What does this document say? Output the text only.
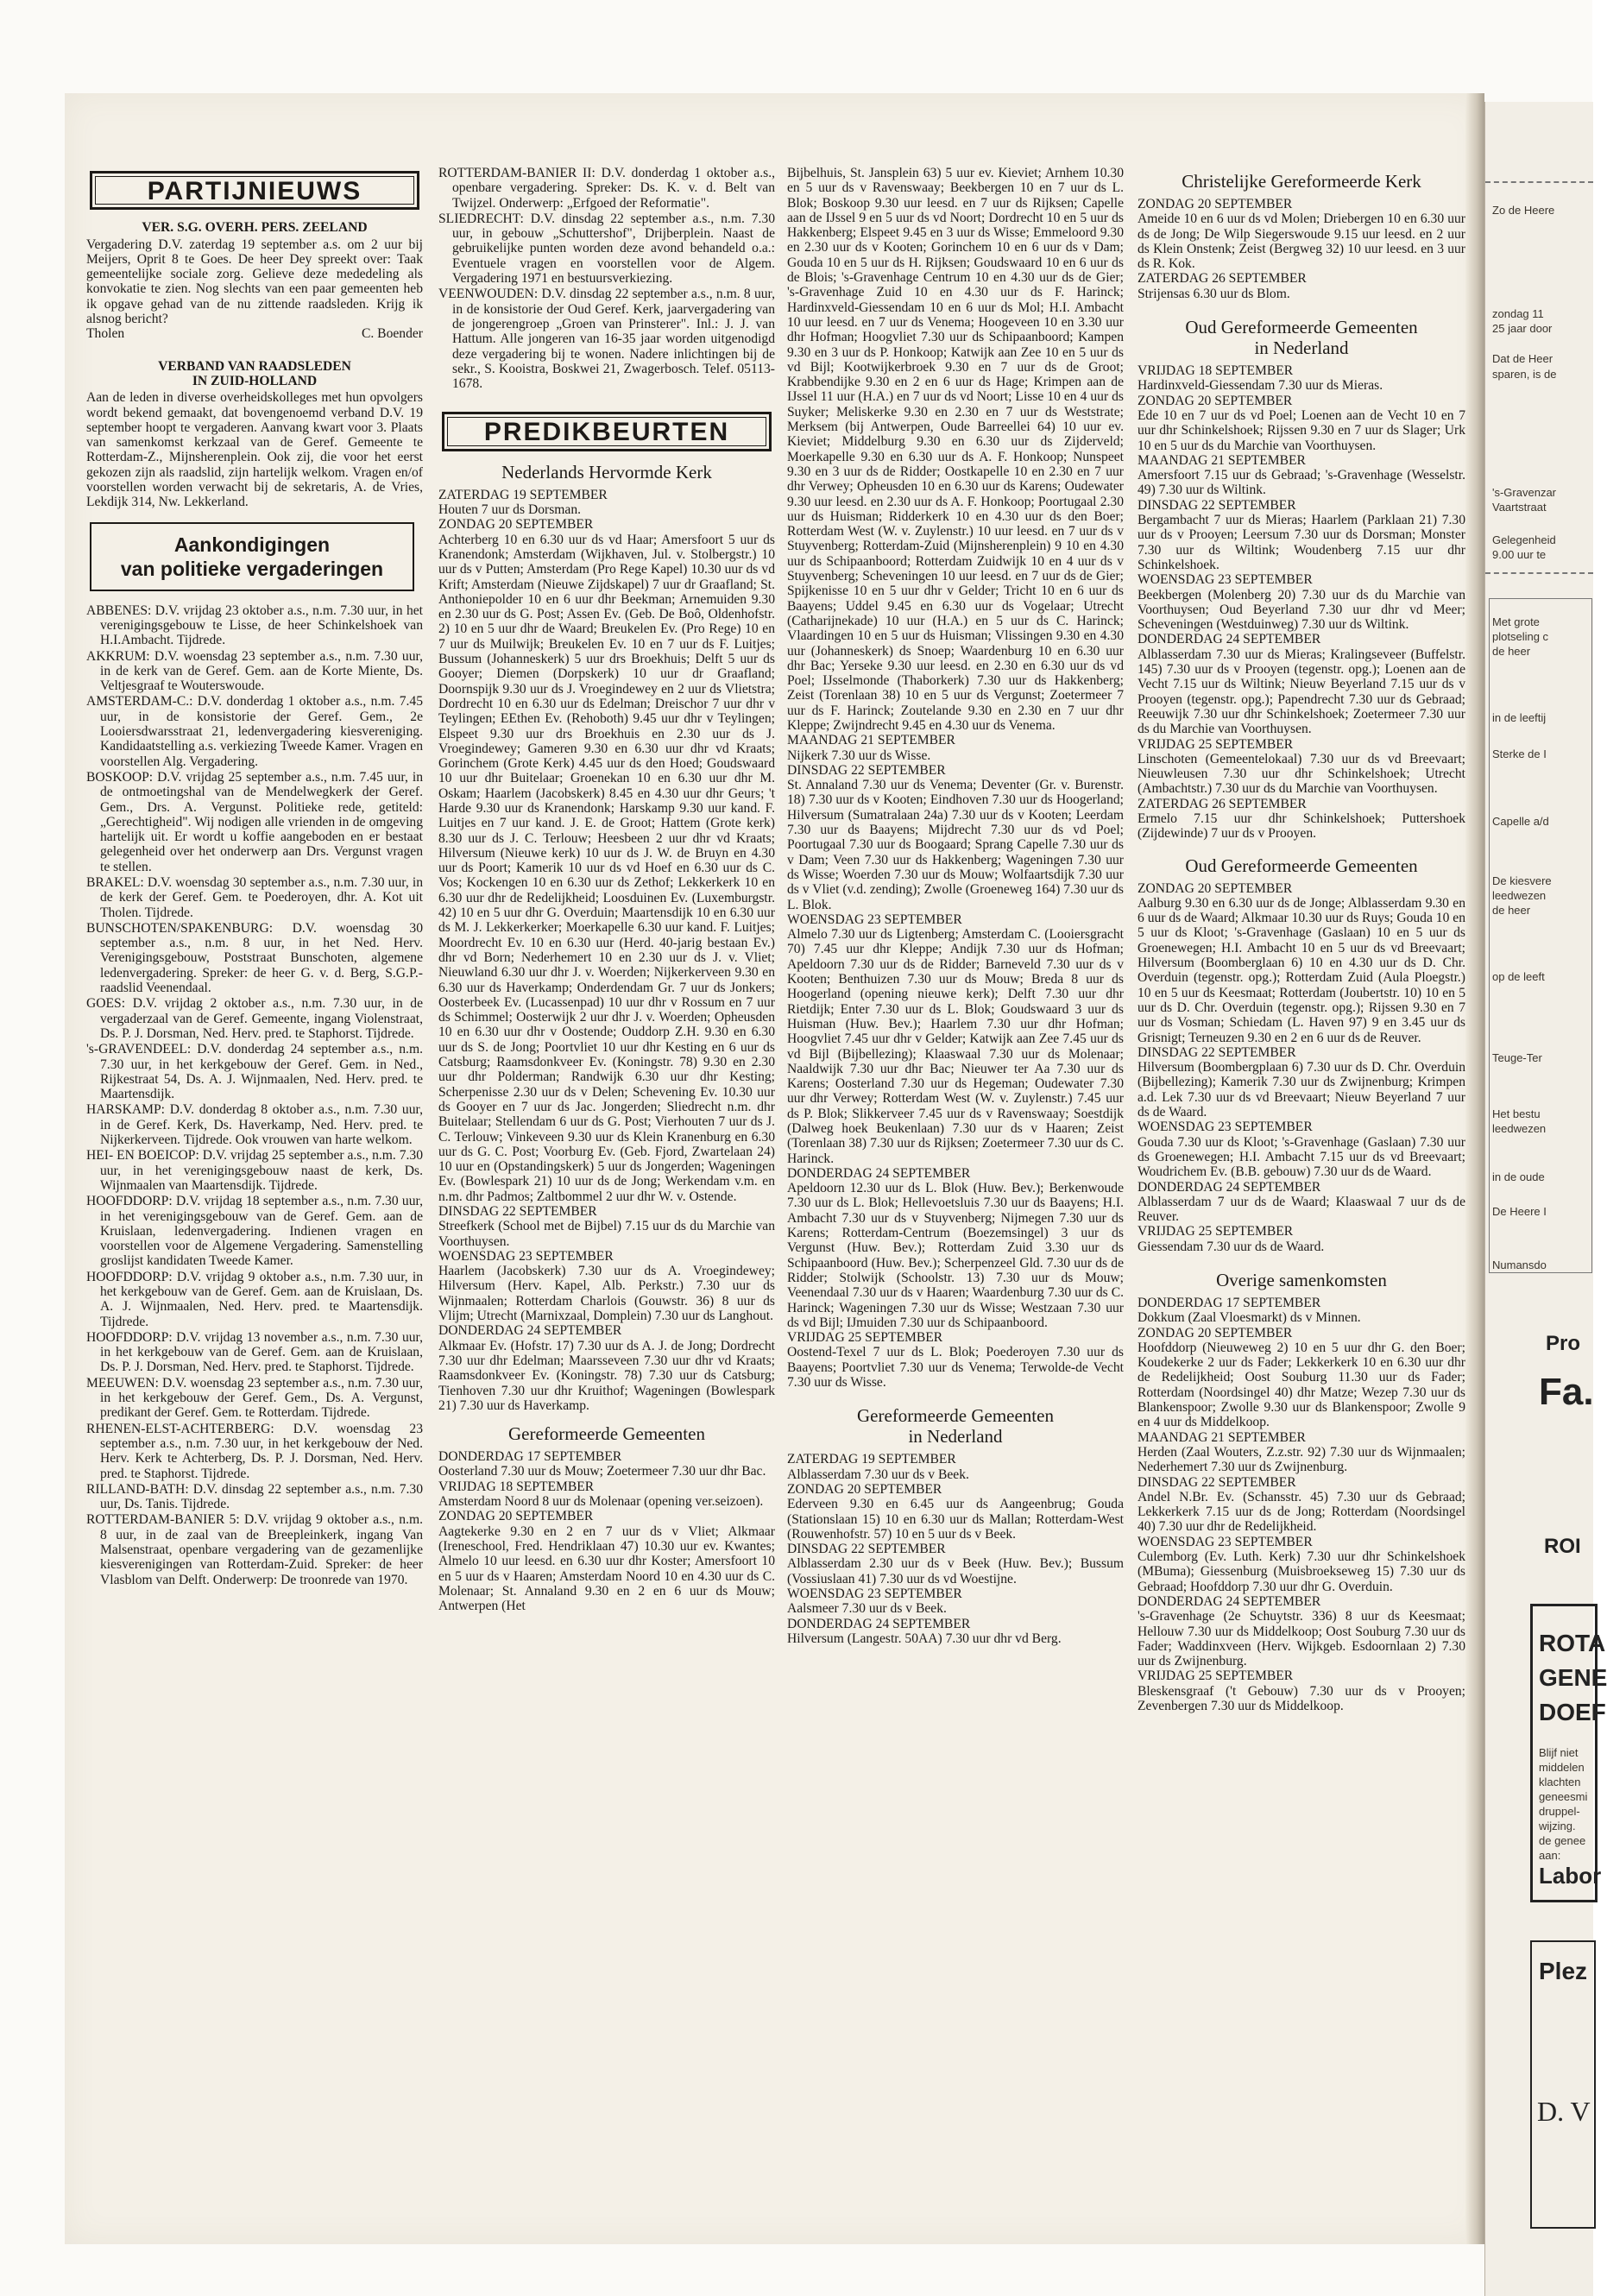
PARTIJNIEUWS
VER. S.G. OVERH. PERS. ZEELAND

Vergadering D.V. zaterdag 19 september a.s. om 2 uur bij Meijers, Oprit 8 te Goes. De heer Dey spreekt over: Taak gemeentelijke sociale zorg. Gelieve deze mededeling als konvokatie te zien. Nog slechts van een paar gemeenten heb ik opgave gehad van de nu zittende raadsleden. Krijg ik alsnog bericht?

Tholen	C. Boender
VERBAND VAN RAADSLEDEN
IN ZUID-HOLLAND

Aan de leden in diverse overheidskolleges met hun opvolgers wordt bekend gemaakt, dat bovengenoemd verband D.V. 19 september hoopt te vergaderen. Aanvang kwart voor 3. Plaats van samenkomst kerkzaal van de Geref. Gemeente te Rotterdam-Z., Mijnsherenplein. Ook zij, die voor het eerst gekozen zijn als raadslid, zijn hartelijk welkom. Vragen en/of voorstellen worden verwacht bij de sekretaris, A. de Vries, Lekdijk 314, Nw. Lekkerland.

Aankondigingen
van politieke vergaderingen

ABBENES: D.V. vrijdag 23 oktober a.s., n.m. 7.30 uur, in het verenigingsgebouw te Lisse, de heer Schinkelshoek van H.I.Ambacht. Tijdrede.

AKKRUM: D.V. woensdag 23 september a.s., n.m. 7.30 uur, in de kerk van de Geref. Gem. aan de Korte Miente, Ds. Veltjesgraaf te Wouterswoude.

AMSTERDAM-C.: D.V. donderdag 1 oktober a.s., n.m. 7.45 uur, in de konsistorie der Geref. Gem., 2e Looiersdwarsstraat 21, ledenvergadering kiesvereniging. Kandidaatstelling a.s. verkiezing Tweede Kamer. Vragen en voorstellen Alg. Vergadering.

BOSKOOP: D.V. vrijdag 25 september a.s., n.m. 7.45 uur, in de ontmoetingshal van de Mendelwegkerk der Geref. Gem., Drs. A. Vergunst. Politieke rede, getiteld: „Gerechtigheid". Wij nodigen alle vrienden in de omgeving hartelijk uit. Er wordt u koffie aangeboden en er bestaat gelegenheid over het onderwerp aan Drs. Vergunst vragen te stellen.

BRAKEL: D.V. woensdag 30 september a.s., n.m. 7.30 uur, in de kerk der Geref. Gem. te Poederoyen, dhr. A. Kot uit Tholen. Tijdrede.

BUNSCHOTEN/SPAKENBURG: D.V. woensdag 30 september a.s., n.m. 8 uur, in het Ned. Herv. Verenigingsgebouw, Poststraat Bunschoten, algemene ledenvergadering. Spreker: de heer G. v. d. Berg, S.G.P.-raadslid Veenendaal.

GOES: D.V. vrijdag 2 oktober a.s., n.m. 7.30 uur, in de vergaderzaal van de Geref. Gemeente, ingang Violenstraat, Ds. P. J. Dorsman, Ned. Herv. pred. te Staphorst. Tijdrede.

's-GRAVENDEEL: D.V. donderdag 24 september a.s., n.m. 7.30 uur, in het kerkgebouw der Geref. Gem. in Ned., Rijkestraat 54, Ds. A. J. Wijnmaalen, Ned. Herv. pred. te Maartensdijk.

HARSKAMP: D.V. donderdag 8 oktober a.s., n.m. 7.30 uur, in de Geref. Kerk, Ds. Haverkamp, Ned. Herv. pred. te Nijkerkerveen. Tijdrede. Ook vrouwen van harte welkom.

HEI- EN BOEICOP: D.V. vrijdag 25 september a.s., n.m. 7.30 uur, in het verenigingsgebouw naast de kerk, Ds. Wijnmaalen van Maartensdijk. Tijdrede.

HOOFDDORP: D.V. vrijdag 18 september a.s., n.m. 7.30 uur, in het verenigingsgebouw van de Geref. Gem. aan de Kruislaan, ledenvergadering. Indienen vragen en voorstellen voor de Algemene Vergadering. Samenstelling groslijst kandidaten Tweede Kamer.

HOOFDDORP: D.V. vrijdag 9 oktober a.s., n.m. 7.30 uur, in het kerkgebouw van de Geref. Gem. aan de Kruislaan, Ds. A. J. Wijnmaalen, Ned. Herv. pred. te Maartensdijk. Tijdrede.

HOOFDDORP: D.V. vrijdag 13 november a.s., n.m. 7.30 uur, in het kerkgebouw van de Geref. Gem. aan de Kruislaan, Ds. P. J. Dorsman, Ned. Herv. pred. te Staphorst. Tijdrede.

MEEUWEN: D.V. woensdag 23 september a.s., n.m. 7.30 uur, in het kerkgebouw der Geref. Gem., Ds. A. Vergunst, predikant der Geref. Gem. te Rotterdam. Tijdrede.

RHENEN-ELST-ACHTERBERG: D.V. woensdag 23 september a.s., n.m. 7.30 uur, in het kerkgebouw der Ned. Herv. Kerk te Achterberg, Ds. P. J. Dorsman, Ned. Herv. pred. te Staphorst. Tijdrede.

RILLAND-BATH: D.V. dinsdag 22 september a.s., n.m. 7.30 uur, Ds. Tanis. Tijdrede.

ROTTERDAM-BANIER 5: D.V. vrijdag 9 oktober a.s., n.m. 8 uur, in de zaal van de Breepleinkerk, ingang Van Malsenstraat, openbare vergadering van de gezamenlijke kiesverenigingen van Rotterdam-Zuid. Spreker: de heer Vlasblom van Delft. Onderwerp: De troonrede van 1970.

ROTTERDAM-BANIER II: D.V. donderdag 1 oktober a.s., openbare vergadering. Spreker: Ds. K. v. d. Belt van Twijzel. Onderwerp: „Erfgoed der Reformatie".

SLIEDRECHT: D.V. dinsdag 22 september a.s., n.m. 7.30 uur, in gebouw „Schuttershof", Drijberplein. Naast de gebruikelijke punten worden deze avond behandeld o.a.: Eventuele vragen en voorstellen voor de Algem. Vergadering 1971 en bestuursverkiezing.

VEENWOUDEN: D.V. dinsdag 22 september a.s., n.m. 8 uur, in de konsistorie der Oud Geref. Kerk, jaarvergadering van de jongerengroep „Groen van Prinsterer". Inl.: J. J. van Hattum. Alle jongeren van 16-35 jaar worden uitgenodigd deze vergadering bij te wonen. Nadere inlichtingen bij de sekr., S. Kooistra, Boskwei 21, Zwagerbosch. Telef. 05113-1678.

PREDIKBEURTEN
Nederlands Hervormde Kerk

ZATERDAG 19 SEPTEMBER

Houten 7 uur ds Dorsman.

ZONDAG 20 SEPTEMBER

Achterberg 10 en 6.30 uur ds vd Haar; Amersfoort 5 uur ds Kranendonk; Amsterdam (Wijkhaven, Jul. v. Stolbergstr.) 10 uur ds v Putten; Amsterdam (Pro Rege Kapel) 10.30 uur ds vd Krift; Amsterdam (Nieuwe Zijdskapel) 7 uur dr Graafland; St. Anthoniepolder 10 en 6 uur dhr Beekman; Arnemuiden 9.30 en 2.30 uur ds G. Post; Assen Ev. (Geb. De Boô, Oldenhofstr. 2) 10 en 5 uur dhr de Waard; Breukelen Ev. (Pro Rege) 10 en 7 uur ds Muilwijk; Breukelen Ev. 10 en 7 uur ds F. Luitjes; Bussum (Johanneskerk) 5 uur drs Broekhuis; Delft 5 uur ds Gooyer; Diemen (Dorpskerk) 10 uur dr Graafland; Doornspijk 9.30 uur ds J. Vroegindewey en 2 uur ds Vlietstra; Dordrecht 10 en 6.30 uur ds Edelman; Dreischor 7 uur dhr v Teylingen; EEthen Ev. (Rehoboth) 9.45 uur dhr v Teylingen; Elspeet 9.30 uur drs Broekhuis en 2.30 uur ds J. Vroegindewey; Gameren 9.30 en 6.30 uur dhr vd Kraats; Gorinchem (Grote Kerk) 4.45 uur ds den Hoed; Goudswaard 10 uur dhr Buitelaar; Groenekan 10 en 6.30 uur dhr M. Oskam; Haarlem (Jacobskerk) 8.45 en 4.30 uur dhr Geurs; 't Harde 9.30 uur ds Kranendonk; Harskamp 9.30 uur kand. F. Luitjes en 7 uur kand. J. E. de Groot; Hattem (Grote kerk) 8.30 uur ds J. C. Terlouw; Heesbeen 2 uur dhr vd Kraats; Hilversum (Nieuwe kerk) 10 uur ds J. W. de Bruyn en 4.30 uur ds Poort; Kamerik 10 uur ds vd Hoef en 6.30 uur ds C. Vos; Kockengen 10 en 6.30 uur ds Zethof; Lekkerkerk 10 en 6.30 uur dhr de Redelijkheid; Loosduinen Ev. (Luxemburgstr. 42) 10 en 5 uur dhr G. Overduin; Maartensdijk 10 en 6.30 uur ds M. J. Lekkerkerker; Moerkapelle 6.30 uur kand. F. Luitjes; Moordrecht Ev. 10 en 6.30 uur (Herd. 40-jarig bestaan Ev.) dhr vd Born; Nederhemert 10 en 2.30 uur ds J. v. Vliet; Nieuwland 6.30 uur dhr J. v. Woerden; Nijkerkerveen 9.30 en 6.30 uur ds Haverkamp; Onderdendam Gr. 7 uur ds Jonkers; Oosterbeek Ev. (Lucassenpad) 10 uur dhr v Rossum en 7 uur ds Schimmel; Oosterwijk 2 uur dhr J. v. Woerden; Opheusden 10 en 6.30 uur dhr v Oostende; Ouddorp Z.H. 9.30 en 6.30 uur ds S. de Jong; Poortvliet 10 uur dhr Kesting en 6 uur ds Catsburg; Raamsdonkveer Ev. (Koningstr. 78) 9.30 en 2.30 uur dhr Polderman; Randwijk 6.30 uur dhr Kesting; Scherpenisse 2.30 uur ds v Delen; Schevening Ev. 10.30 uur ds Gooyer en 7 uur ds Jac. Jongerden; Sliedrecht n.m. dhr Buitelaar; Stellendam 6 uur ds G. Post; Vierhouten 7 uur ds J. C. Terlouw; Vinkeveen 9.30 uur ds Klein Kranenburg en 6.30 uur ds G. C. Post; Voorburg Ev. (Geb. Fjord, Zwartelaan 24) 10 uur en (Opstandingskerk) 5 uur ds Jongerden; Wageningen Ev. (Bowlespark 21) 10 uur ds de Jong; Werkendam v.m. en n.m. dhr Padmos; Zaltbommel 2 uur dhr W. v. Ostende.

DINSDAG 22 SEPTEMBER

Streefkerk (School met de Bijbel) 7.15 uur ds du Marchie van Voorthuysen.

WOENSDAG 23 SEPTEMBER

Haarlem (Jacobskerk) 7.30 uur ds A. Vroegindewey; Hilversum (Herv. Kapel, Alb. Perkstr.) 7.30 uur ds Wijnmaalen; Rotterdam Charlois (Gouwstr. 36) 8 uur ds Vlijm; Utrecht (Marnixzaal, Domplein) 7.30 uur ds Langhout.

DONDERDAG 24 SEPTEMBER

Alkmaar Ev. (Hofstr. 17) 7.30 uur ds A. J. de Jong; Dordrecht 7.30 uur dhr Edelman; Maarsseveen 7.30 uur dhr vd Kraats; Raamsdonkveer Ev. (Koningstr. 78) 7.30 uur ds Catsburg; Tienhoven 7.30 uur dhr Kruithof; Wageningen (Bowlespark 21) 7.30 uur ds Haverkamp.

Gereformeerde Gemeenten

DONDERDAG 17 SEPTEMBER

Oosterland 7.30 uur ds Mouw; Zoetermeer 7.30 uur dhr Bac.

VRIJDAG 18 SEPTEMBER

Amsterdam Noord 8 uur ds Molenaar (opening ver.seizoen).

ZONDAG 20 SEPTEMBER

Aagtekerke 9.30 en 2 en 7 uur ds v Vliet; Alkmaar (Ireneschool, Fred. Hendriklaan 47) 10.30 uur ev. Kwantes; Almelo 10 uur leesd. en 6.30 uur dhr Koster; Amersfoort 10 en 5 uur ds v Haaren; Amsterdam Noord 10 en 4.30 uur ds C. Molenaar; St. Annaland 9.30 en 2 en 6 uur ds Mouw; Antwerpen (Het

Bijbelhuis, St. Jansplein 63) 5 uur ev. Kieviet; Arnhem 10.30 en 5 uur ds v Ravenswaay; Beekbergen 10 en 7 uur ds L. Blok; Boskoop 9.30 uur leesd. en 7 uur ds Rijksen; Capelle aan de IJssel 9 en 5 uur ds vd Noort; Dordrecht 10 en 5 uur ds Hakkenberg; Elspeet 9.45 en 3 uur ds Wisse; Emmeloord 9.30 en 2.30 uur ds v Kooten; Gorinchem 10 en 6 uur ds v Dam; Gouda 10 en 5 uur ds H. Rijksen; Goudswaard 10 en 6 uur ds de Blois; 's-Gravenhage Centrum 10 en 4.30 uur ds de Gier; 's-Gravenhage Zuid 10 en 4.30 uur ds F. Harinck; Hardinxveld-Giessendam 10 en 6 uur ds Mol; H.I. Ambacht 10 uur leesd. en 7 uur ds Venema; Hoogeveen 10 en 3.30 uur dhr Hofman; Hoogvliet 7.30 uur ds Schipaanboord; Kampen 9.30 en 3 uur ds P. Honkoop; Katwijk aan Zee 10 en 5 uur ds vd Bijl; Kootwijkerbroek 9.30 en 7 uur ds de Groot; Krabbendijke 9.30 en 2 en 6 uur ds Hage; Krimpen aan de IJssel 11 uur (H.A.) en 7 uur ds vd Noort; Lisse 10 en 4 uur ds Suyker; Meliskerke 9.30 en 2.30 en 7 uur ds Weststrate; Merksem (bij Antwerpen, Oude Barreellei 64) 10 uur ev. Kieviet; Middelburg 9.30 en 6.30 uur ds Zijderveld; Moerkapelle 9.30 en 6.30 uur ds A. F. Honkoop; Nunspeet 9.30 en 3 uur ds de Ridder; Oostkapelle 10 en 2.30 en 7 uur dhr Verwey; Opheusden 10 en 6.30 uur ds Karens; Oudewater 9.30 uur leesd. en 2.30 uur ds A. F. Honkoop; Poortugaal 2.30 uur ds Huisman; Ridderkerk 10 en 4.30 uur ds den Boer; Rotterdam West (W. v. Zuylenstr.) 10 uur leesd. en 7 uur ds v Stuyvenberg; Rotterdam-Zuid (Mijnsherenplein) 9 10 en 4.30 uur ds Schipaanboord; Rotterdam Zuidwijk 10 en 4 uur ds v Stuyvenberg; Scheveningen 10 uur leesd. en 7 uur ds de Gier; Spijkenisse 10 en 5 uur dhr v Gelder; Tricht 10 en 6 uur ds Baayens; Uddel 9.45 en 6.30 uur ds Vogelaar; Utrecht (Catharijnekade) 10 uur (H.A.) en 5 uur ds C. Harinck; Vlaardingen 10 en 5 uur ds Huisman; Vlissingen 9.30 en 4.30 uur (Johanneskerk) ds Snoep; Waardenburg 10 en 6.30 uur dhr Bac; Yerseke 9.30 uur leesd. en 2.30 en 6.30 uur ds vd Poel; IJsselmonde (Thaborkerk) 7.30 uur ds Hakkenberg; Zeist (Torenlaan 38) 10 en 5 uur ds Vergunst; Zoetermeer 7 uur ds F. Harinck; Zoutelande 9.30 en 2.30 en 7 uur dhr Kleppe; Zwijndrecht 9.45 en 4.30 uur ds Venema.

MAANDAG 21 SEPTEMBER

Nijkerk 7.30 uur ds Wisse.

DINSDAG 22 SEPTEMBER

St. Annaland 7.30 uur ds Venema; Deventer (Gr. v. Burenstr. 18) 7.30 uur ds v Kooten; Eindhoven 7.30 uur ds Hoogerland; Hilversum (Sumatralaan 24a) 7.30 uur ds v Kooten; Leerdam 7.30 uur ds Baayens; Mijdrecht 7.30 uur ds vd Poel; Poortugaal 7.30 uur ds Boogaard; Sprang Capelle 7.30 uur ds v Dam; Veen 7.30 uur ds Hakkenberg; Wageningen 7.30 uur ds Wisse; Woerden 7.30 uur ds Mouw; Wolfaartsdijk 7.30 uur ds v Vliet (v.d. zending); Zwolle (Groeneweg 164) 7.30 uur ds L. Blok.

WOENSDAG 23 SEPTEMBER

Almelo 7.30 uur ds Ligtenberg; Amsterdam C. (Looiersgracht 70) 7.45 uur dhr Kleppe; Andijk 7.30 uur ds Hofman; Apeldoorn 7.30 uur ds de Ridder; Barneveld 7.30 uur ds v Kooten; Benthuizen 7.30 uur ds Mouw; Breda 8 uur ds Hoogerland (opening nieuwe kerk); Delft 7.30 uur dhr Rietdijk; Enter 7.30 uur ds L. Blok; Goudswaard 3 uur ds Huisman (Huw. Bev.); Haarlem 7.30 uur dhr Hofman; Hoogvliet 7.45 uur dhr v Gelder; Katwijk aan Zee 7.45 uur ds vd Bijl (Bijbellezing); Klaaswaal 7.30 uur ds Molenaar; Naaldwijk 7.30 uur dhr Bac; Nieuwer ter Aa 7.30 uur ds Karens; Oosterland 7.30 uur ds Hegeman; Oudewater 7.30 uur dhr Verwey; Rotterdam West (W. v. Zuylenstr.) 7.45 uur ds P. Blok; Slikkerveer 7.45 uur ds v Ravenswaay; Soestdijk (Dalweg hoek Beukenlaan) 7.30 uur ds v Haaren; Zeist (Torenlaan 38) 7.30 uur ds Rijksen; Zoetermeer 7.30 uur ds C. Harinck.

DONDERDAG 24 SEPTEMBER

Apeldoorn 12.30 uur ds L. Blok (Huw. Bev.); Berkenwoude 7.30 uur ds L. Blok; Hellevoetsluis 7.30 uur ds Baayens; H.I. Ambacht 7.30 uur ds v Stuyvenberg; Nijmegen 7.30 uur ds Karens; Rotterdam-Centrum (Boezemsingel) 3 uur ds Vergunst (Huw. Bev.); Rotterdam Zuid 3.30 uur ds Schipaanboord (Huw. Bev.); Scherpenzeel Gld. 7.30 uur ds de Ridder; Stolwijk (Schoolstr. 13) 7.30 uur ds Mouw; Veenendaal 7.30 uur ds v Haaren; Waardenburg 7.30 uur ds C. Harinck; Wageningen 7.30 uur ds Wisse; Westzaan 7.30 uur ds vd Bijl; IJmuiden 7.30 uur ds Schipaanboord.

VRIJDAG 25 SEPTEMBER

Oostend-Texel 7 uur ds L. Blok; Poederoyen 7.30 uur ds Baayens; Poortvliet 7.30 uur ds Venema; Terwolde-de Vecht 7.30 uur ds Wisse.

Gereformeerde Gemeenten
in Nederland

ZATERDAG 19 SEPTEMBER

Alblasserdam 7.30 uur ds v Beek.

ZONDAG 20 SEPTEMBER

Ederveen 9.30 en 6.45 uur ds Aangeenbrug; Gouda (Stationslaan 15) 10 en 6.30 uur ds Mallan; Rotterdam-West (Rouwenhofstr. 57) 10 en 5 uur ds v Beek.

DINSDAG 22 SEPTEMBER

Alblasserdam 2.30 uur ds v Beek (Huw. Bev.); Bussum (Vossiuslaan 41) 7.30 uur ds vd Woestijne.

WOENSDAG 23 SEPTEMBER

Aalsmeer 7.30 uur ds v Beek.

DONDERDAG 24 SEPTEMBER

Hilversum (Langestr. 50AA) 7.30 uur dhr vd Berg.

Christelijke Gereformeerde Kerk

ZONDAG 20 SEPTEMBER

Ameide 10 en 6 uur ds vd Molen; Driebergen 10 en 6.30 uur ds de Jong; De Wilp Siegerswoude 9.15 uur leesd. en 2 uur ds Klein Onstenk; Zeist (Bergweg 32) 10 uur leesd. en 3 uur ds R. Kok.

ZATERDAG 26 SEPTEMBER

Strijensas 6.30 uur ds Blom.

Oud Gereformeerde Gemeenten
in Nederland

VRIJDAG 18 SEPTEMBER

Hardinxveld-Giessendam 7.30 uur ds Mieras.

ZONDAG 20 SEPTEMBER

Ede 10 en 7 uur ds vd Poel; Loenen aan de Vecht 10 en 7 uur dhr Schinkelshoek; Rijssen 9.30 en 7 uur ds Slager; Urk 10 en 5 uur ds du Marchie van Voorthuysen.

MAANDAG 21 SEPTEMBER

Amersfoort 7.15 uur ds Gebraad; 's-Gravenhage (Wesselstr. 49) 7.30 uur ds Wiltink.

DINSDAG 22 SEPTEMBER

Bergambacht 7 uur ds Mieras; Haarlem (Parklaan 21) 7.30 uur ds v Prooyen; Leersum 7.30 uur ds Dorsman; Monster 7.30 uur ds Wiltink; Woudenberg 7.15 uur dhr Schinkelshoek.

WOENSDAG 23 SEPTEMBER

Beekbergen (Molenberg 20) 7.30 uur ds du Marchie van Voorthuysen; Oud Beyerland 7.30 uur dhr vd Meer; Scheveningen (Westduinweg) 7.30 uur ds Wiltink.

DONDERDAG 24 SEPTEMBER

Alblasserdam 7.30 uur ds Mieras; Kralingseveer (Buffelstr. 145) 7.30 uur ds v Prooyen (tegenstr. opg.); Loenen aan de Vecht 7.15 uur ds Wiltink; Nieuw Beyerland 7.15 uur ds v Prooyen (tegenstr. opg.); Papendrecht 7.30 uur ds Gebraad; Reeuwijk 7.30 uur dhr Schinkelshoek; Zoetermeer 7.30 uur ds du Marchie van Voorthuysen.

VRIJDAG 25 SEPTEMBER

Linschoten (Gemeentelokaal) 7.30 uur ds vd Breevaart; Nieuwleusen 7.30 uur dhr Schinkelshoek; Utrecht (Ambachtstr.) 7.30 uur ds du Marchie van Voorthuysen.

ZATERDAG 26 SEPTEMBER

Ermelo 7.15 uur dhr Schinkelshoek; Puttershoek (Zijdewinde) 7 uur ds v Prooyen.

Oud Gereformeerde Gemeenten

ZONDAG 20 SEPTEMBER

Aalburg 9.30 en 6.30 uur ds de Jonge; Alblasserdam 9.30 en 6 uur ds de Waard; Alkmaar 10.30 uur ds Ruys; Gouda 10 en 5 uur ds Kloot; 's-Gravenhage (Gaslaan) 10 en 5 uur ds Groenewegen; H.I. Ambacht 10 en 5 uur ds vd Breevaart; Hilversum (Boomberglaan 6) 10 en 4.30 uur ds D. Chr. Overduin (tegenstr. opg.); Rotterdam Zuid (Aula Ploegstr.) 10 en 5 uur ds Keesmaat; Rotterdam (Joubertstr. 10) 10 en 5 uur ds D. Chr. Overduin (tegenstr. opg.); Rijssen 9.30 en 7 uur ds Vosman; Schiedam (L. Haven 97) 9 en 3.45 uur ds Grisnigt; Terneuzen 9.30 en 2 en 6 uur ds de Reuver.

DINSDAG 22 SEPTEMBER

Hilversum (Boombergplaan 6) 7.30 uur ds D. Chr. Overduin (Bijbellezing); Kamerik 7.30 uur ds Zwijnenburg; Krimpen a.d. Lek 7.30 uur ds vd Breevaart; Nieuw Beyerland 7 uur ds de Waard.

WOENSDAG 23 SEPTEMBER

Gouda 7.30 uur ds Kloot; 's-Gravenhage (Gaslaan) 7.30 uur ds Groenewegen; H.I. Ambacht 7.15 uur ds vd Breevaart; Woudrichem Ev. (B.B. gebouw) 7.30 uur ds de Waard.

DONDERDAG 24 SEPTEMBER

Alblasserdam 7 uur ds de Waard; Klaaswaal 7 uur ds de Reuver.

VRIJDAG 25 SEPTEMBER

Giessendam 7.30 uur ds de Waard.

Overige samenkomsten

DONDERDAG 17 SEPTEMBER

Dokkum (Zaal Vloesmarkt) ds v Minnen.

ZONDAG 20 SEPTEMBER

Hoofddorp (Nieuweweg 2) 10 en 5 uur dhr G. den Boer; Koudekerke 2 uur ds Fader; Lekkerkerk 10 en 6.30 uur dhr de Redelijkheid; Oost Souburg 11.30 uur ds Fader; Rotterdam (Noordsingel 40) dhr Matze; Wezep 7.30 uur ds Blankenspoor; Zwolle 9.30 uur ds Blankenspoor; Zwolle 9 en 4 uur ds Middelkoop.

MAANDAG 21 SEPTEMBER

Herden (Zaal Wouters, Z.z.str. 92) 7.30 uur ds Wijnmaalen; Nederhemert 7.30 uur ds Zwijnenburg.

DINSDAG 22 SEPTEMBER

Andel N.Br. Ev. (Schansstr. 45) 7.30 uur ds Gebraad; Lekkerkerk 7.15 uur ds de Jong; Rotterdam (Noordsingel 40) 7.30 uur dhr de Redelijkheid.

WOENSDAG 23 SEPTEMBER

Culemborg (Ev. Luth. Kerk) 7.30 uur dhr Schinkelshoek (MBuma); Giessenburg (Muisbroekseweg 15) 7.30 uur ds Gebraad; Hoofddorp 7.30 uur dhr G. Overduin.

DONDERDAG 24 SEPTEMBER

's-Gravenhage (2e Schuytstr. 336) 8 uur ds Keesmaat; Hellouw 7.30 uur ds Middelkoop; Oost Souburg 7.30 uur ds Fader; Waddinxveen (Herv. Wijkgeb. Esdoornlaan 2) 7.30 uur ds Zwijnenburg.

VRIJDAG 25 SEPTEMBER

Bleskensgraaf ('t Gebouw) 7.30 uur ds v Prooyen; Zevenbergen 7.30 uur ds Middelkoop.

Zo de Heere
zondag 11
25 jaar door
Dat de Heer
sparen, is de
's-Gravenzar
Vaartstraat
Gelegenheid
9.00 uur te
Met grote
plotseling c
de heer
in de leeftij
Sterke de I
Capelle a/d
De kiesvere
leedwezen
de heer
op de leeft
Teuge-Ter
Het bestu
leedwezen
in de oude
De Heere I
Numansdo
Pro
Fa.
ROI
ROTA
GENE
DOEF
Blijf niet
middelen
klachten
geneesmi
druppel-
wijzing.
de genee
aan:
Labor
Plez
D. V
